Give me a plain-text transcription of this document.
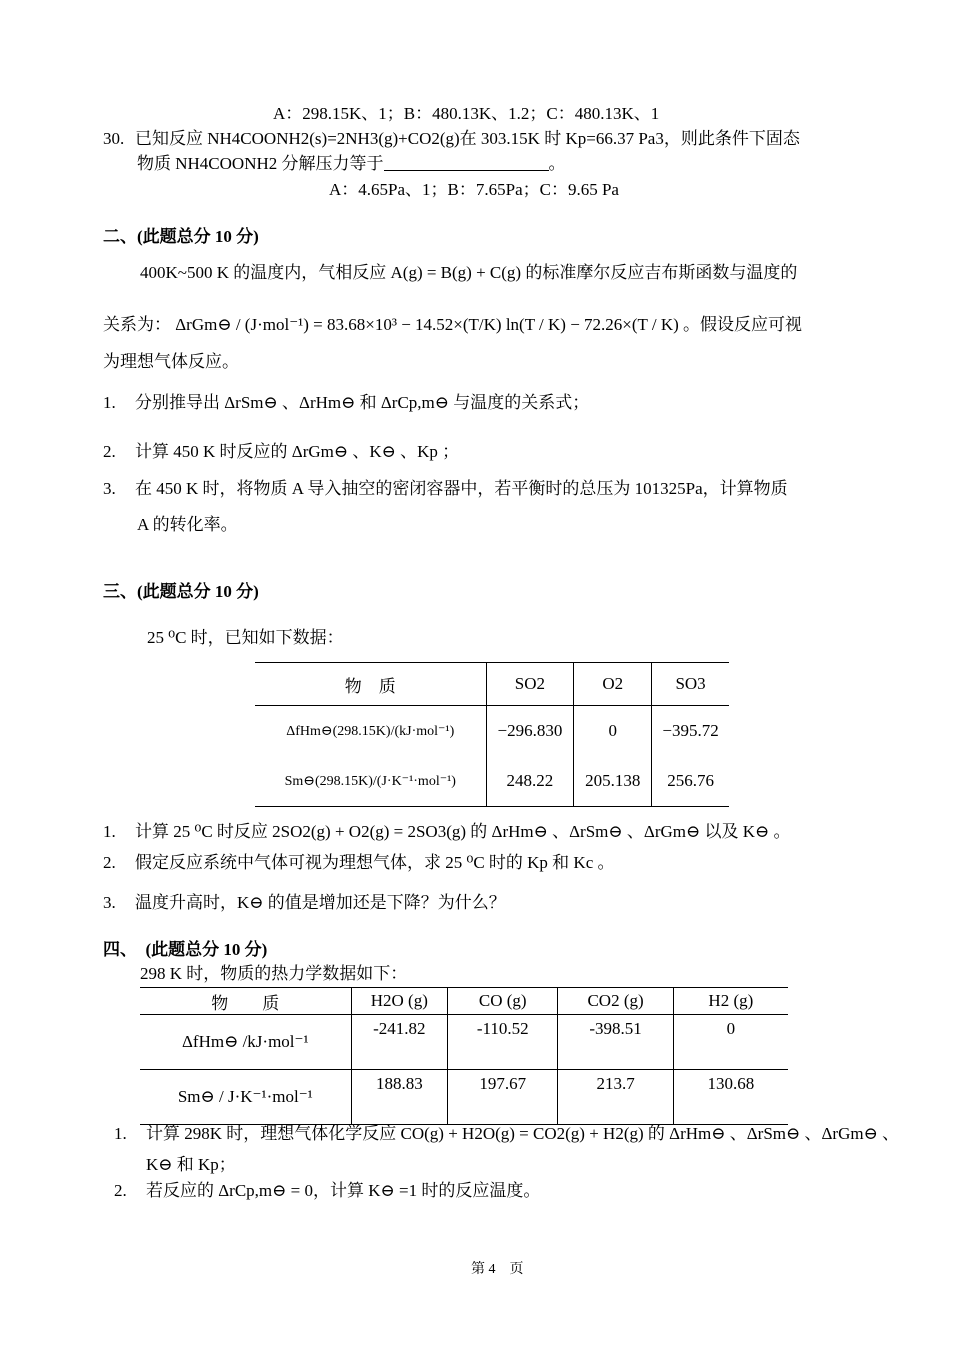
A：298.15K、1；B：480.13K、1.2；C：480.13K、1
30. 已知反应 NH4COONH2(s)=2NH3(g)+CO2(g)在 303.15K 时 Kp=66.37 Pa3，则此条件下固态
物质 NH4COONH2 分解压力等于	。
A：4.65Pa、1；B：7.65Pa；C：9.65 Pa
二、(此题总分 10 分)
400K~500 K 的温度内，气相反应 A(g) = B(g) + C(g) 的标准摩尔反应吉布斯函数与温度的
关系为： ΔrGm⊖ / (J·mol⁻¹) = 83.68×10³ − 14.52×(T/K) ln(T / K) − 72.26×(T / K) 。假设反应可视
为理想气体反应。
1. 分别推导出 ΔrSm⊖ 、ΔrHm⊖ 和 ΔrCp,m⊖ 与温度的关系式；
2. 计算 450 K 时反应的 ΔrGm⊖ 、K⊖ 、Kp ；
3. 在 450 K 时，将物质 A 导入抽空的密闭容器中，若平衡时的总压为 101325Pa，计算物质
A 的转化率。
三、(此题总分 10 分)
25 ⁰C 时，已知如下数据：
物　质	SO2	O2	SO3
ΔfHm⊖(298.15K)/(kJ·mol⁻¹)	−296.830	0	−395.72
Sm⊖(298.15K)/(J·K⁻¹·mol⁻¹)	248.22	205.138	256.76
1. 计算 25 ⁰C 时反应 2SO2(g) + O2(g) = 2SO3(g) 的 ΔrHm⊖ 、ΔrSm⊖ 、ΔrGm⊖ 以及 K⊖ 。
2. 假定反应系统中气体可视为理想气体，求 25 ⁰C 时的 Kp 和 Kc 。
3. 温度升高时，K⊖ 的值是增加还是下降？为什么？
四、　(此题总分 10 分)
298 K 时，物质的热力学数据如下：
物　　质	H2O (g)	CO (g)	CO2 (g)	H2 (g)
ΔfHm⊖ /kJ·mol⁻¹	-241.82	-110.52	-398.51	0
Sm⊖ / J·K⁻¹·mol⁻¹	188.83	197.67	213.7	130.68
1. 计算 298K 时，理想气体化学反应 CO(g) + H2O(g) = CO2(g) + H2(g) 的 ΔrHm⊖ 、ΔrSm⊖ 、ΔrGm⊖ 、
K⊖ 和 Kp；
2. 若反应的 ΔrCp,m⊖ = 0，计算 K⊖ =1 时的反应温度。
第 4　页
